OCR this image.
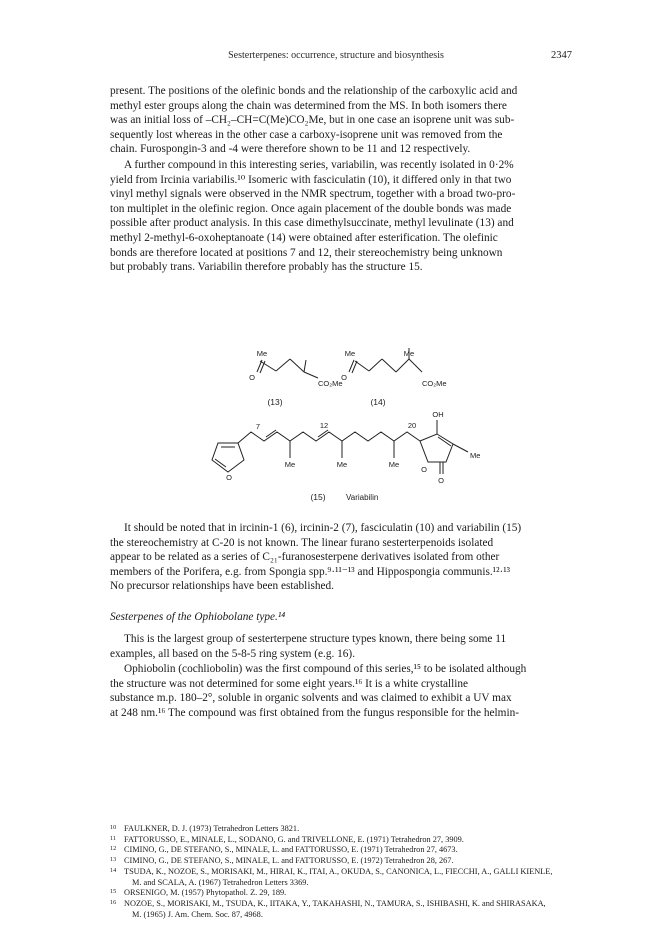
Sesterterpenes: occurrence, structure and biosynthesis	2347
present. The positions of the olefinic bonds and the relationship of the carboxylic acid and
methyl ester groups along the chain was determined from the MS. In both isomers there
was an initial loss of –CH₂–CH=C(Me)CO₂Me, but in one case an isoprene unit was sub-
sequently lost whereas in the other case a carboxy-isoprene unit was removed from the
chain. Furospongin-3 and -4 were therefore shown to be 11 and 12 respectively.
A further compound in this interesting series, variabilin, was recently isolated in 0·2%
yield from Ircinia variabilis.¹⁰ Isomeric with fasciculatin (10), it differed only in that two
vinyl methyl signals were observed in the NMR spectrum, together with a broad two-pro-
ton multiplet in the olefinic region. Once again placement of the double bonds was made
possible after product analysis. In this case dimethylsuccinate, methyl levulinate (13) and
methyl 2-methyl-6-oxoheptanoate (14) were obtained after esterification. The olefinic
bonds are therefore located at positions 7 and 12, their stereochemistry being unknown
but probably trans. Variabilin therefore probably has the structure 15.
Me
O
CO₂Me
Me	Me
O
CO₂Me
(13)	(14)
7	12	20
OH
O
Me	Me	Me
O
Me
O
(15)	Variabilin
It should be noted that in ircinin-1 (6), ircinin-2 (7), fasciculatin (10) and variabilin (15)
the stereochemistry at C-20 is not known. The linear furano sesterterpenoids isolated
appear to be related as a series of C₂₁-furanosesterpene derivatives isolated from other
members of the Porifera, e.g. from Spongia spp.⁹·¹¹⁻¹³ and Hippospongia communis.¹²·¹³
No precursor relationships have been established.
Sesterpenes of the Ophiobolane type.¹⁴
This is the largest group of sesterterpene structure types known, there being some 11
examples, all based on the 5-8-5 ring system (e.g. 16).
Ophiobolin (cochliobolin) was the first compound of this series,¹⁵ to be isolated although
the structure was not determined for some eight years.¹⁶ It is a white crystalline
substance m.p. 180–2°, soluble in organic solvents and was claimed to exhibit a UV max
at 248 nm.¹⁶ The compound was first obtained from the fungus responsible for the helmin-
10 FAULKNER, D. J. (1973) Tetrahedron Letters 3821.
11 FATTORUSSO, E., MINALE, L., SODANO, G. and TRIVELLONE, E. (1971) Tetrahedron 27, 3909.
12 CIMINO, G., DE STEFANO, S., MINALE, L. and FATTORUSSO, E. (1971) Tetrahedron 27, 4673.
13 CIMINO, G., DE STEFANO, S., MINALE, L. and FATTORUSSO, E. (1972) Tetrahedron 28, 267.
14 TSUDA, K., NOZOE, S., MORISAKI, M., HIRAI, K., ITAI, A., OKUDA, S., CANONICA, L., FIECCHI, A., GALLI KIENLE,
M. and SCALA, A. (1967) Tetrahedron Letters 3369.
15 ORSENIGO, M. (1957) Phytopathol. Z. 29, 189.
16 NOZOE, S., MORISAKI, M., TSUDA, K., IITAKA, Y., TAKAHASHI, N., TAMURA, S., ISHIBASHI, K. and SHIRASAKA,
M. (1965) J. Am. Chem. Soc. 87, 4968.
